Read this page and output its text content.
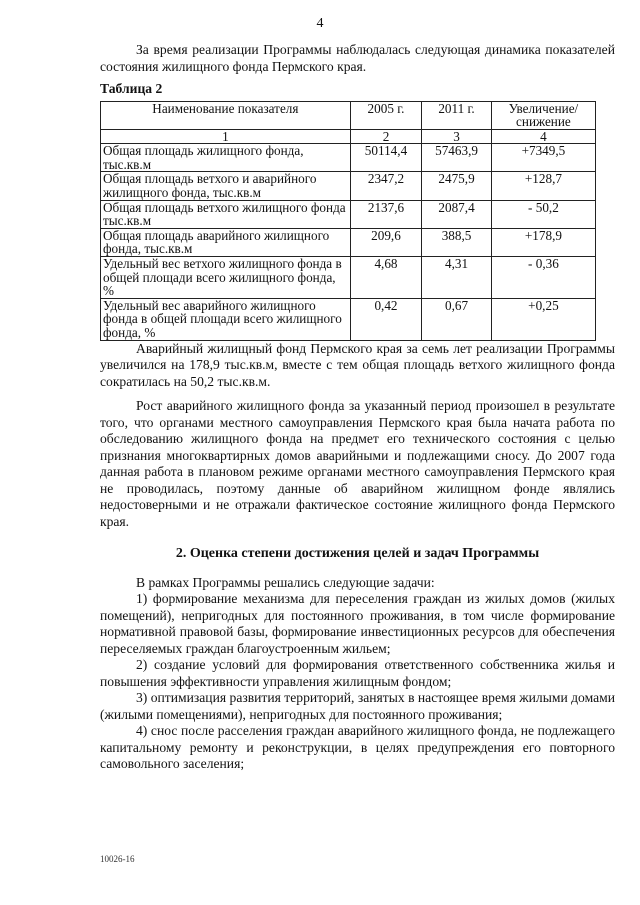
4

За время реализации Программы наблюдалась следующая динамика показателей состояния жилищного фонда Пермского края.

Таблица 2
Наименование показателя	2005 г.	2011 г.	Увеличение/ снижение
1	2	3	4
Общая площадь жилищного фонда, тыс.кв.м	50114,4	57463,9	+7349,5
Общая площадь ветхого и аварийного жилищного фонда, тыс.кв.м	2347,2	2475,9	+128,7
Общая площадь ветхого жилищного фонда тыс.кв.м	2137,6	2087,4	- 50,2
Общая площадь аварийного жилищного фонда, тыс.кв.м	209,6	388,5	+178,9
Удельный вес ветхого жилищного фонда в общей площади всего жилищного фонда, %	4,68	4,31	- 0,36
Удельный вес аварийного жилищного фонда в общей площади всего жилищного фонда, %	0,42	0,67	+0,25

Аварийный жилищный фонд Пермского края за семь лет реализации Программы увеличился на 178,9 тыс.кв.м, вместе с тем общая площадь ветхого жилищного фонда сократилась на 50,2 тыс.кв.м.

Рост аварийного жилищного фонда за указанный период произошел в результате того, что органами местного самоуправления Пермского края была начата работа по обследованию жилищного фонда на предмет его технического состояния с целью признания многоквартирных домов аварийными и подлежащими сносу. До 2007 года данная работа в плановом режиме органами местного самоуправления Пермского края не проводилась, поэтому данные об аварийном жилищном фонде являлись недостоверными и не отражали фактическое состояние жилищного фонда Пермского края.

2. Оценка степени достижения целей и задач Программы

В рамках Программы решались следующие задачи:

1) формирование механизма для переселения граждан из жилых домов (жилых помещений), непригодных для постоянного проживания, в том числе формирование нормативной правовой базы, формирование инвестиционных ресурсов для обеспечения переселяемых граждан благоустроенным жильем;

2) создание условий для формирования ответственного собственника жилья и повышения эффективности управления жилищным фондом;

3) оптимизация развития территорий, занятых в настоящее время жилыми домами (жилыми помещениями), непригодных для постоянного проживания;

4) снос после расселения граждан аварийного жилищного фонда, не подлежащего капитальному ремонту и реконструкции, в целях предупреждения его повторного самовольного заселения;

10026-16
